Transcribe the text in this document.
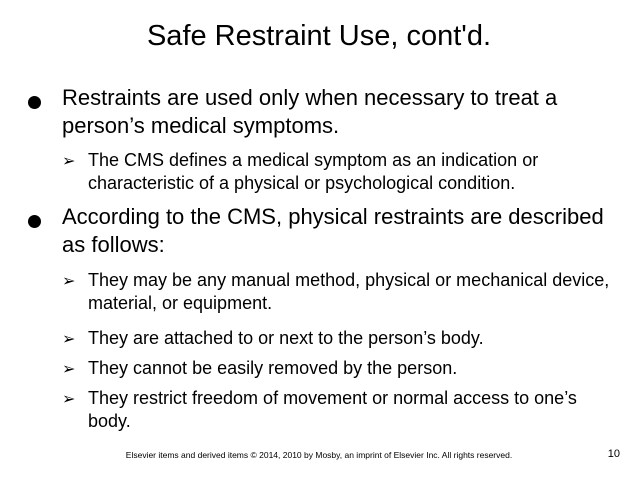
Safe Restraint Use, cont'd.
Restraints are used only when necessary to treat a person’s medical symptoms.
➢ The CMS defines a medical symptom as an indication or characteristic of a physical or psychological condition.
According to the CMS, physical restraints are described as follows:
➢ They may be any manual method, physical or mechanical device, material, or equipment.
➢ They are attached to or next to the person’s body.
➢ They cannot be easily removed by the person.
➢ They restrict freedom of movement or normal access to one’s body.
Elsevier items and derived items © 2014, 2010 by Mosby, an imprint of Elsevier Inc. All rights reserved.	10
